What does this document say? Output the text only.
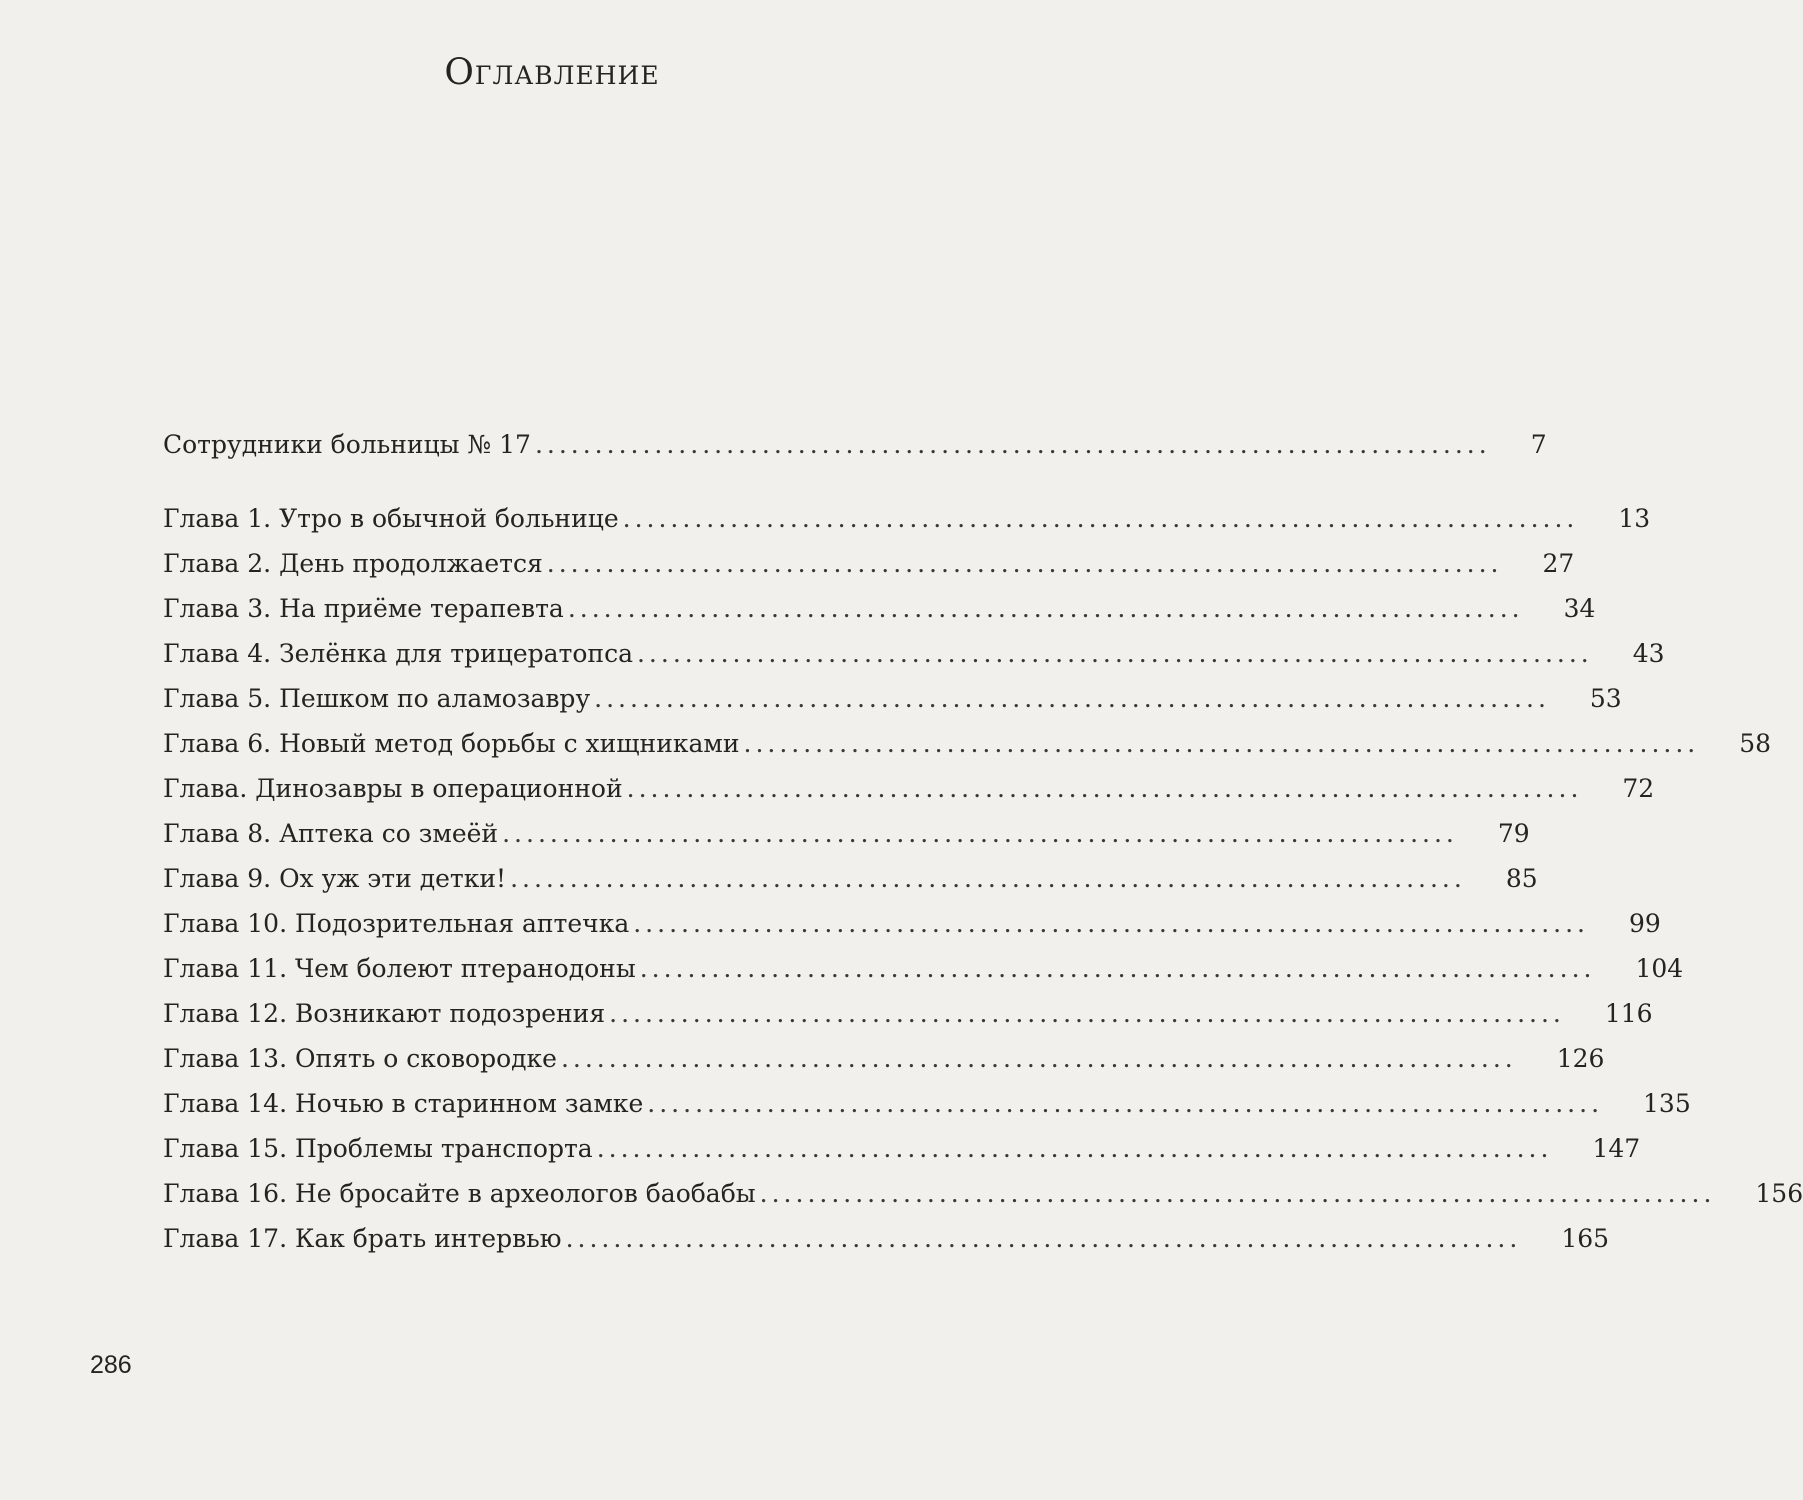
Оглавление
Сотрудники больницы № 17 ................................................................................ 7
Глава 1. Утро в обычной больнице ................................................................................ 13
Глава 2. День продолжается ................................................................................ 27
Глава 3. На приёме терапевта ................................................................................ 34
Глава 4. Зелёнка для трицератопса ................................................................................ 43
Глава 5. Пешком по аламозавру ................................................................................ 53
Глава 6. Новый метод борьбы с хищниками ................................................................................ 58
Глава. Динозавры в операционной ................................................................................ 72
Глава 8. Аптека со змеёй ................................................................................ 79
Глава 9. Ох уж эти детки! ................................................................................ 85
Глава 10. Подозрительная аптечка ................................................................................ 99
Глава 11. Чем болеют птеранодоны ................................................................................ 104
Глава 12. Возникают подозрения ................................................................................ 116
Глава 13. Опять о сковородке ................................................................................ 126
Глава 14. Ночью в старинном замке ................................................................................ 135
Глава 15. Проблемы транспорта ................................................................................ 147
Глава 16. Не бросайте в археологов баобабы ................................................................................ 156
Глава 17. Как брать интервью ................................................................................ 165
286
